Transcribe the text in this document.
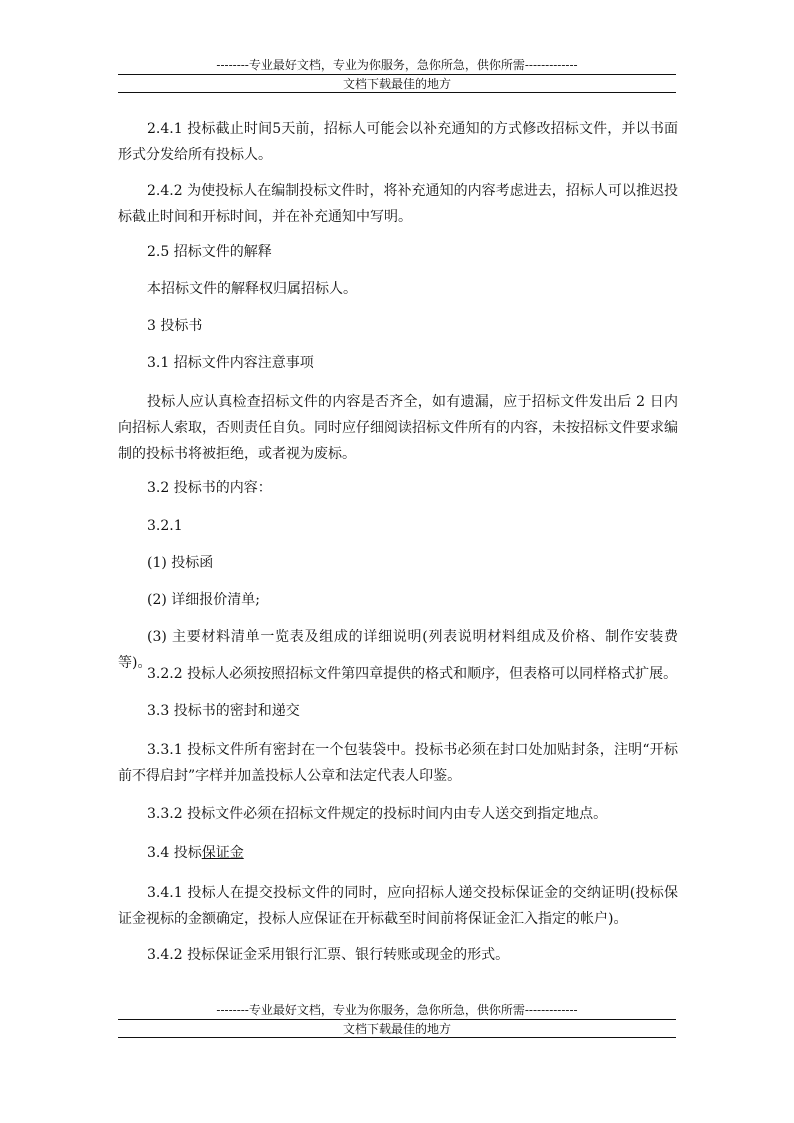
--------专业最好文档，专业为你服务，急你所急，供你所需-------------
文档下载最佳的地方
2.4.1 投标截止时间5天前，招标人可能会以补充通知的方式修改招标文件，并以书面形式分发给所有投标人。
2.4.2 为使投标人在编制投标文件时，将补充通知的内容考虑进去，招标人可以推迟投标截止时间和开标时间，并在补充通知中写明。
2.5 招标文件的解释
本招标文件的解释权归属招标人。
3 投标书
3.1 招标文件内容注意事项
投标人应认真检查招标文件的内容是否齐全，如有遗漏，应于招标文件发出后 2 日内向招标人索取，否则责任自负。同时应仔细阅读招标文件所有的内容，未按招标文件要求编制的投标书将被拒绝，或者视为废标。
3.2 投标书的内容：
3.2.1
(1) 投标函
(2) 详细报价清单;
(3) 主要材料清单一览表及组成的详细说明(列表说明材料组成及价格、制作安装费等)。
3.2.2 投标人必须按照招标文件第四章提供的格式和顺序，但表格可以同样格式扩展。
3.3 投标书的密封和递交
3.3.1 投标文件所有密封在一个包装袋中。投标书必须在封口处加贴封条，注明“开标前不得启封”字样并加盖投标人公章和法定代表人印鉴。
3.3.2 投标文件必须在招标文件规定的投标时间内由专人送交到指定地点。
3.4 投标保证金
3.4.1 投标人在提交投标文件的同时，应向招标人递交投标保证金的交纳证明(投标保证金视标的金额确定，投标人应保证在开标截至时间前将保证金汇入指定的帐户)。
3.4.2 投标保证金采用银行汇票、银行转账或现金的形式。
--------专业最好文档，专业为你服务，急你所急，供你所需-------------
文档下载最佳的地方
